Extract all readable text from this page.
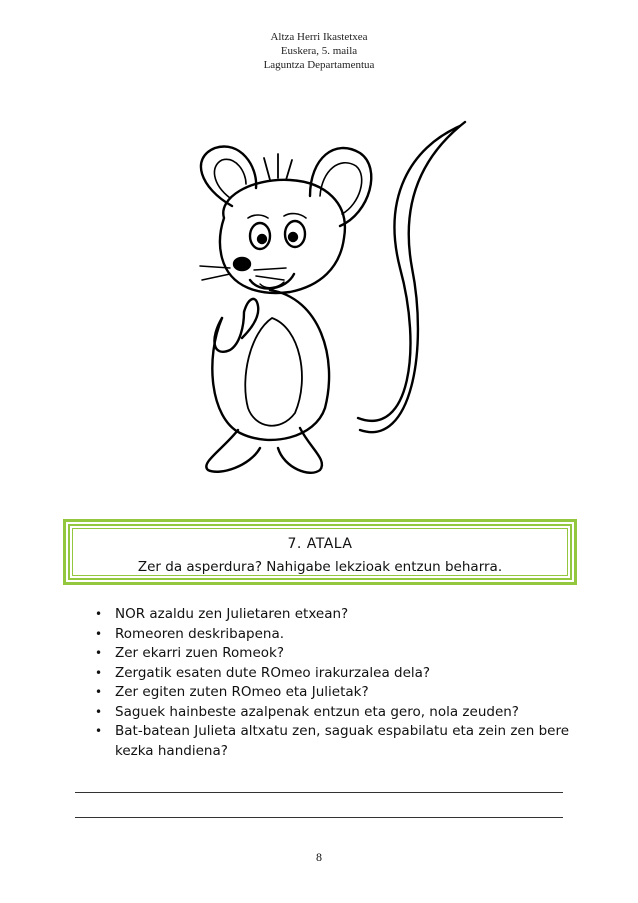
Altza Herri Ikastetxea
Euskera, 5. maila
Laguntza Departamentua
7. ATALA
Zer da asperdura? Nahigabe lekzioak entzun beharra.
• NOR azaldu zen Julietaren etxean?
• Romeoren deskribapena.
• Zer ekarri zuen Romeok?
• Zergatik esaten dute ROmeo irakurzalea dela?
• Zer egiten zuten ROmeo eta Julietak?
• Saguek hainbeste azalpenak entzun eta gero, nola zeuden?
• Bat-batean Julieta altxatu zen, saguak espabilatu eta zein zen bere kezka handiena?
8
